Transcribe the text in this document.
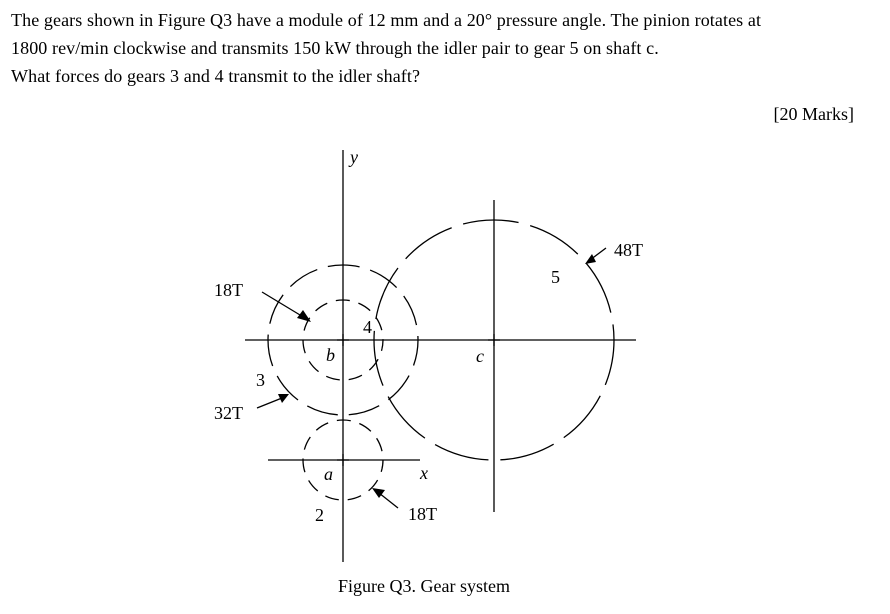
The gears shown in Figure Q3 have a module of 12 mm and a 20° pressure angle. The pinion rotates at

1800 rev/min clockwise and transmits 150 kW through the idler pair to gear 5 on shaft c.

What forces do gears 3 and 4 transmit to the idler shaft?

[20 Marks]
y
x
a
b	c
4
3
2
5
18T
32T
18T
48T
Figure Q3. Gear system
